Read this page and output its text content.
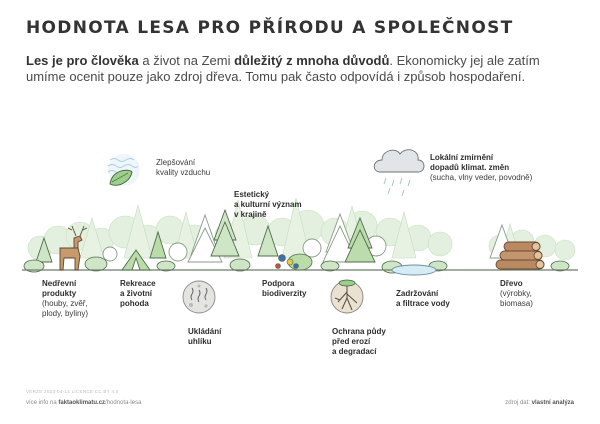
HODNOTA LESA PRO PŘÍRODU A SPOLEČNOST

Les je pro člověka a život na Zemi důležitý z mnoha důvodů. Ekonomicky jej ale zatím umíme ocenit pouze jako zdroj dřeva. Tomu pak často odpovídá i způsob hospodaření.

Zlepšování
kvality vzduchu
Estetický
a kulturní význam
v krajině
Lokální zmírnění
dopadů klimat. změn
(sucha, vlny veder, povodně)
Nedřevní
produkty
(houby, zvěř,
plody, byliny)
Rekreace
a životní
pohoda
Ukládání
uhlíku
Podpora
biodiverzity
Ochrana půdy
před erozí
a degradací
Zadržování
a filtrace vody
Dřevo
(výrobky,
biomasa)
VERZE 2023-04-14 LICENCE CC BY 4.0
více info na faktaoklimatu.cz/hodnota-lesa	zdroj dat: vlastní analýza
